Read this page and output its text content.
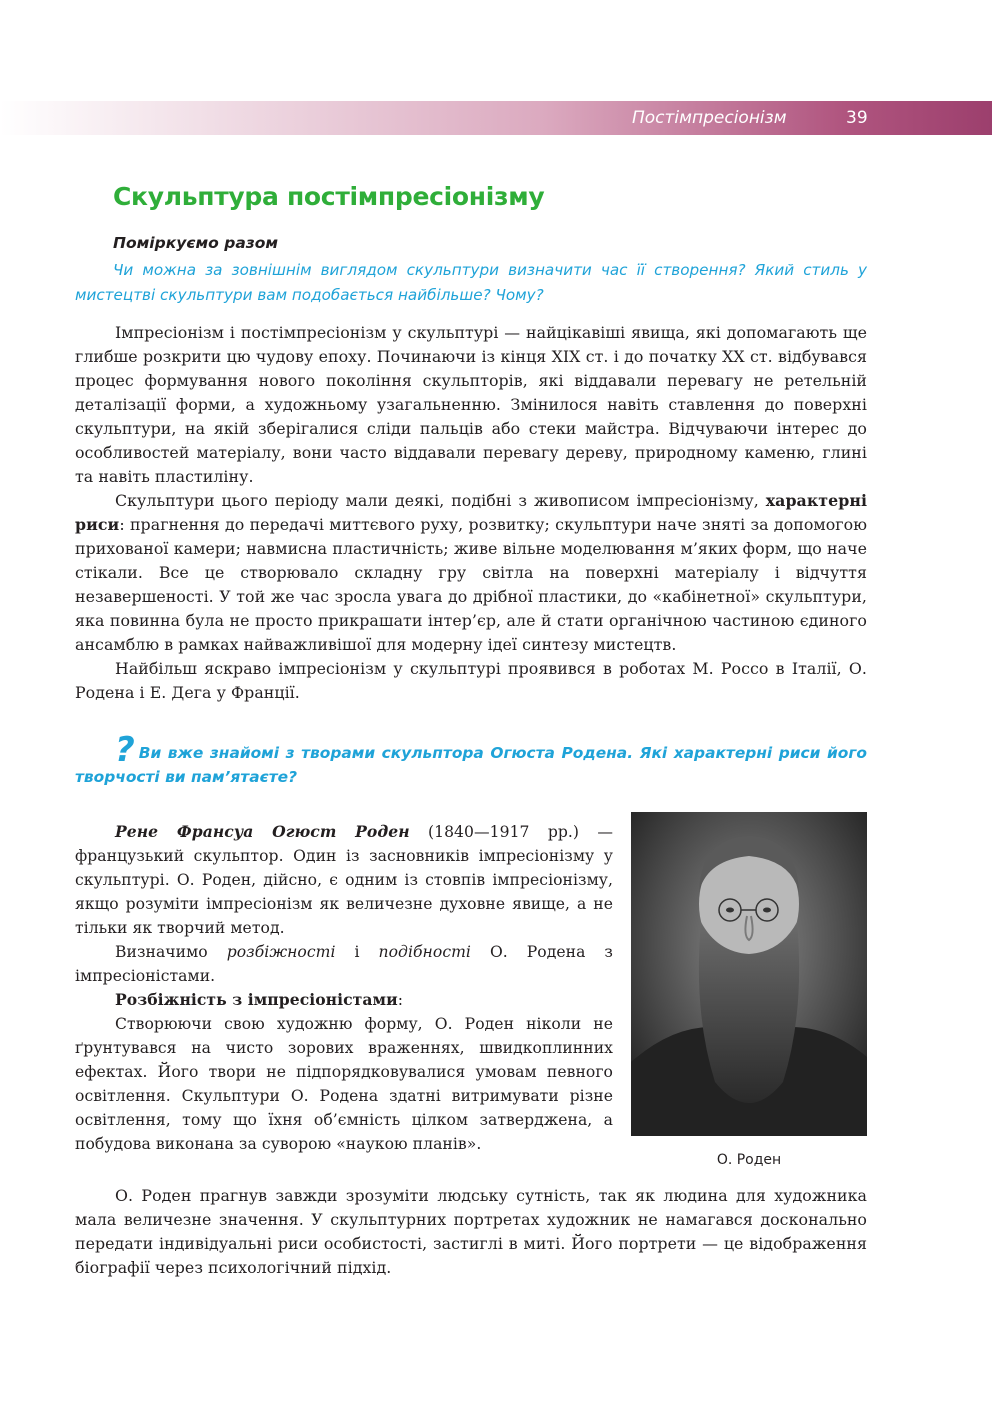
Постімпресіонізм	39
Скульптура постімпресіонізму
Поміркуємо разом

Чи можна за зовнішнім виглядом скульптури визначити час її створення? Який стиль у мистецтві скульптури вам подобається найбільше? Чому?

Імпресіонізм і постімпресіонізм у скульптурі — найцікавіші явища, які допомагають ще глибше розкрити цю чудову епоху. Починаючи із кінця XIX ст. і до початку XX ст. відбувався процес формування нового покоління скульпторів, які віддавали перевагу не ретельній деталізації форми, а художньому узагальненню. Змінилося навіть ставлення до поверхні скульптури, на якій зберігалися сліди пальців або стеки майстра. Відчуваючи інтерес до особливостей матеріалу, вони часто віддавали перевагу дереву, природному каменю, глині та навіть пластиліну.

Скульптури цього періоду мали деякі, подібні з живописом імпресіонізму, характерні риси: прагнення до передачі миттєвого руху, розвитку; скульптури наче зняті за допомогою прихованої камери; навмисна пластичність; живе вільне моделювання м’яких форм, що наче стікали. Все це створювало складну гру світла на поверхні матеріалу і відчуття незавершеності. У той же час зросла увага до дрібної пластики, до «кабінетної» скульптури, яка повинна була не просто прикрашати інтер’єр, але й стати органічною частиною єдиного ансамблю в рамках найважливішої для модерну ідеї синтезу мистецтв.

Найбільш яскраво імпресіонізм у скульптурі проявився в роботах М. Россо в Італії, О. Родена і Е. Дега у Франції.

? Ви вже знайомі з творами скульптора Огюста Родена. Які характерні риси його творчості ви пам’ятаєте?

Рене Франсуа Огюст Роден (1840—1917 рр.) — французький скульптор. Один із засновників імпресіонізму у скульптурі. О. Роден, дійсно, є одним із стовпів імпресіонізму, якщо розуміти імпресіонізм як величезне духовне явище, а не тільки як творчий метод.

Визначимо розбіжності і подібності О. Родена з імпресіоністами.

Розбіжність з імпресіоністами:

Створюючи свою художню форму, О. Роден ніколи не ґрунтувався на чисто зорових враженнях, швидкоплинних ефектах. Його твори не підпорядковувалися умовам певного освітлення. Скульптури О. Родена здатні витримувати різне освітлення, тому що їхня об’ємність цілком затверджена, а побудова виконана за суворою «наукою планів».

О. Роден

О. Роден прагнув завжди зрозуміти людську сутність, так як людина для художника мала величезне значення. У скульптурних портретах художник не намагався досконально передати індивідуальні риси особистості, застиглі в миті. Його портрети — це відображення біографії через психологічний підхід.
